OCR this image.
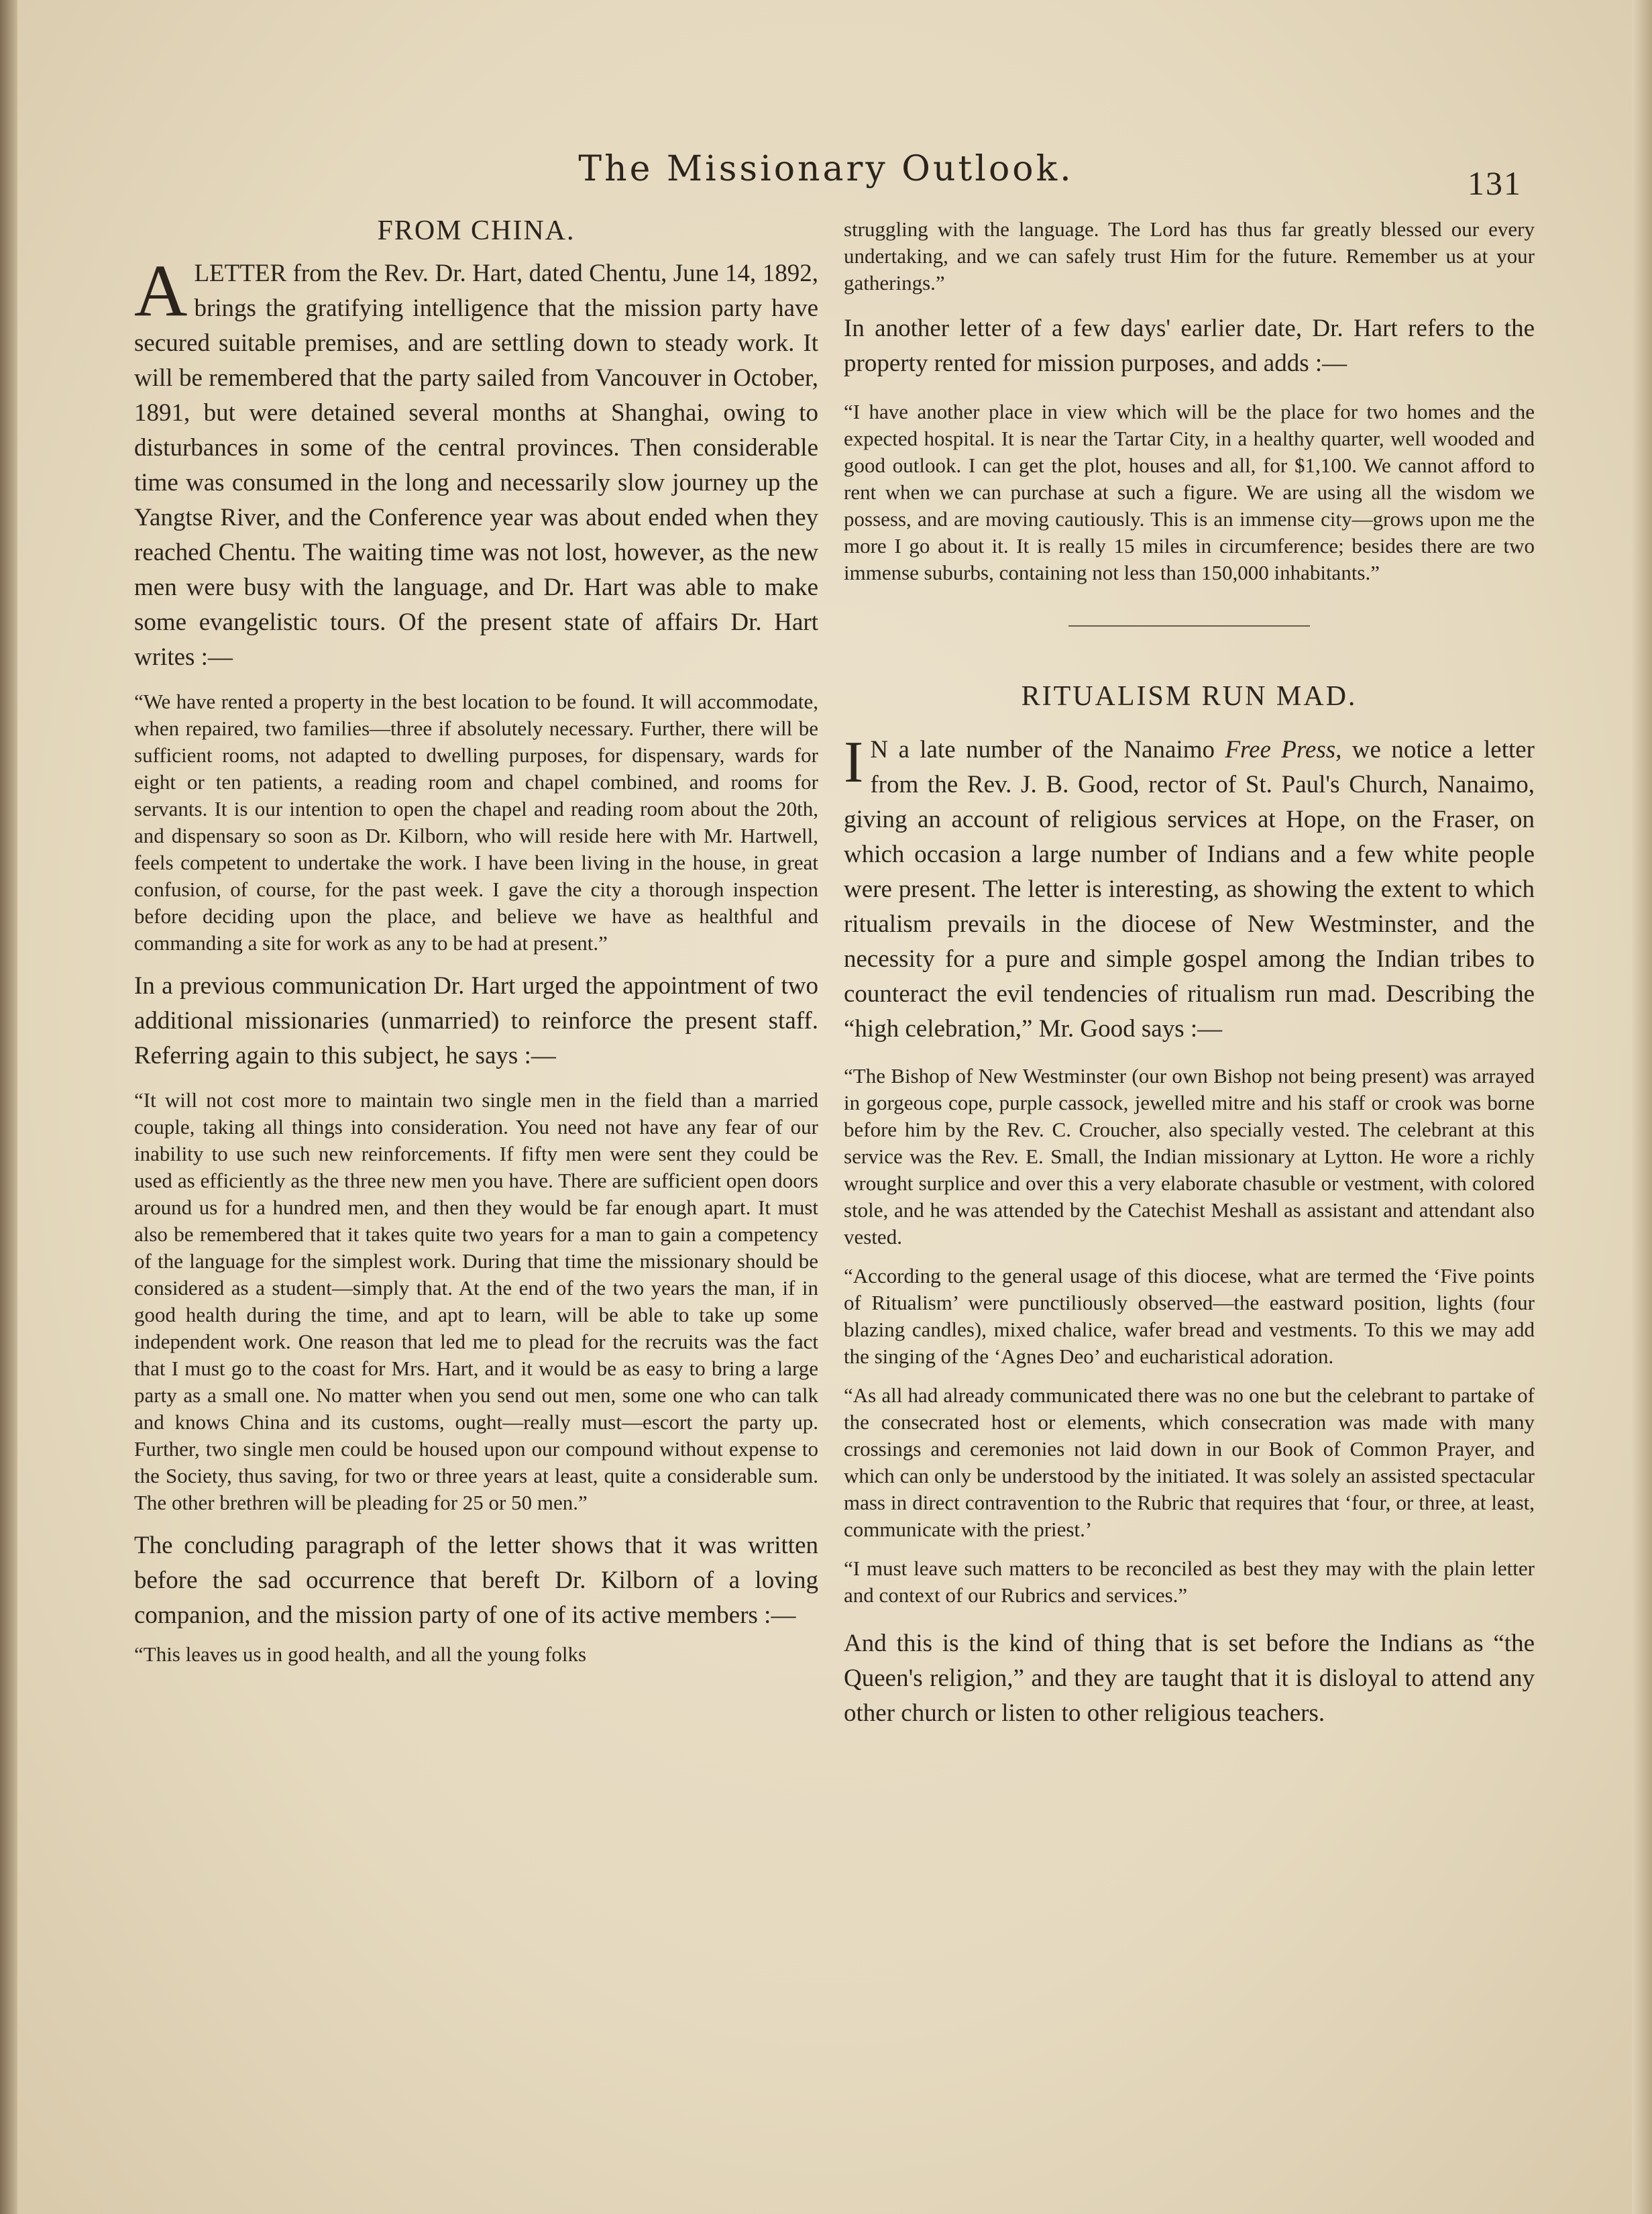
The Missionary Outlook.	131
FROM CHINA.

ALETTER from the Rev. Dr. Hart, dated Chentu, June 14, 1892, brings the gratifying intelligence that the mission party have secured suitable premises, and are settling down to steady work. It will be remembered that the party sailed from Vancouver in October, 1891, but were detained several months at Shanghai, owing to disturbances in some of the central provinces. Then considerable time was consumed in the long and necessarily slow journey up the Yangtse River, and the Conference year was about ended when they reached Chentu. The waiting time was not lost, however, as the new men were busy with the language, and Dr. Hart was able to make some evangelistic tours. Of the present state of affairs Dr. Hart writes :—

“We have rented a property in the best location to be found. It will accommodate, when repaired, two families—three if absolutely necessary. Further, there will be sufficient rooms, not adapted to dwelling purposes, for dispensary, wards for eight or ten patients, a reading room and chapel combined, and rooms for servants. It is our intention to open the chapel and reading room about the 20th, and dispensary so soon as Dr. Kilborn, who will reside here with Mr. Hartwell, feels competent to undertake the work. I have been living in the house, in great confusion, of course, for the past week. I gave the city a thorough inspection before deciding upon the place, and believe we have as healthful and commanding a site for work as any to be had at present.”

In a previous communication Dr. Hart urged the appointment of two additional missionaries (unmarried) to reinforce the present staff. Referring again to this subject, he says :—

“It will not cost more to maintain two single men in the field than a married couple, taking all things into consideration. You need not have any fear of our inability to use such new reinforcements. If fifty men were sent they could be used as efficiently as the three new men you have. There are sufficient open doors around us for a hundred men, and then they would be far enough apart. It must also be remembered that it takes quite two years for a man to gain a competency of the language for the simplest work. During that time the missionary should be considered as a student—simply that. At the end of the two years the man, if in good health during the time, and apt to learn, will be able to take up some independent work. One reason that led me to plead for the recruits was the fact that I must go to the coast for Mrs. Hart, and it would be as easy to bring a large party as a small one. No matter when you send out men, some one who can talk and knows China and its customs, ought—really must—escort the party up. Further, two single men could be housed upon our compound without expense to the Society, thus saving, for two or three years at least, quite a considerable sum. The other brethren will be pleading for 25 or 50 men.”

The concluding paragraph of the letter shows that it was written before the sad occurrence that bereft Dr. Kilborn of a loving companion, and the mission party of one of its active members :—

“This leaves us in good health, and all the young folks

struggling with the language. The Lord has thus far greatly blessed our every undertaking, and we can safely trust Him for the future. Remember us at your gatherings.”

In another letter of a few days' earlier date, Dr. Hart refers to the property rented for mission purposes, and adds :—

“I have another place in view which will be the place for two homes and the expected hospital. It is near the Tartar City, in a healthy quarter, well wooded and good outlook. I can get the plot, houses and all, for $1,100. We cannot afford to rent when we can purchase at such a figure. We are using all the wisdom we possess, and are moving cautiously. This is an immense city—grows upon me the more I go about it. It is really 15 miles in circumference; besides there are two immense suburbs, containing not less than 150,000 inhabitants.”

RITUALISM RUN MAD.

I N a late number of the Nanaimo Free Press, we notice a letter from the Rev. J. B. Good, rector of St. Paul's Church, Nanaimo, giving an account of religious services at Hope, on the Fraser, on which occasion a large number of Indians and a few white people were present. The letter is interesting, as showing the extent to which ritualism prevails in the diocese of New Westminster, and the necessity for a pure and simple gospel among the Indian tribes to counteract the evil tendencies of ritualism run mad. Describing the “high celebration,” Mr. Good says :—

“The Bishop of New Westminster (our own Bishop not being present) was arrayed in gorgeous cope, purple cassock, jewelled mitre and his staff or crook was borne before him by the Rev. C. Croucher, also specially vested. The celebrant at this service was the Rev. E. Small, the Indian missionary at Lytton. He wore a richly wrought surplice and over this a very elaborate chasuble or vestment, with colored stole, and he was attended by the Catechist Meshall as assistant and attendant also vested.

“According to the general usage of this diocese, what are termed the ‘Five points of Ritualism’ were punctiliously observed—the eastward position, lights (four blazing candles), mixed chalice, wafer bread and vestments. To this we may add the singing of the ‘Agnes Deo’ and eucharistical adoration.

“As all had already communicated there was no one but the celebrant to partake of the consecrated host or elements, which consecration was made with many crossings and ceremonies not laid down in our Book of Common Prayer, and which can only be understood by the initiated. It was solely an assisted spectacular mass in direct contravention to the Rubric that requires that ‘four, or three, at least, communicate with the priest.’

“I must leave such matters to be reconciled as best they may with the plain letter and context of our Rubrics and services.”

And this is the kind of thing that is set before the Indians as “the Queen's religion,” and they are taught that it is disloyal to attend any other church or listen to other religious teachers.
